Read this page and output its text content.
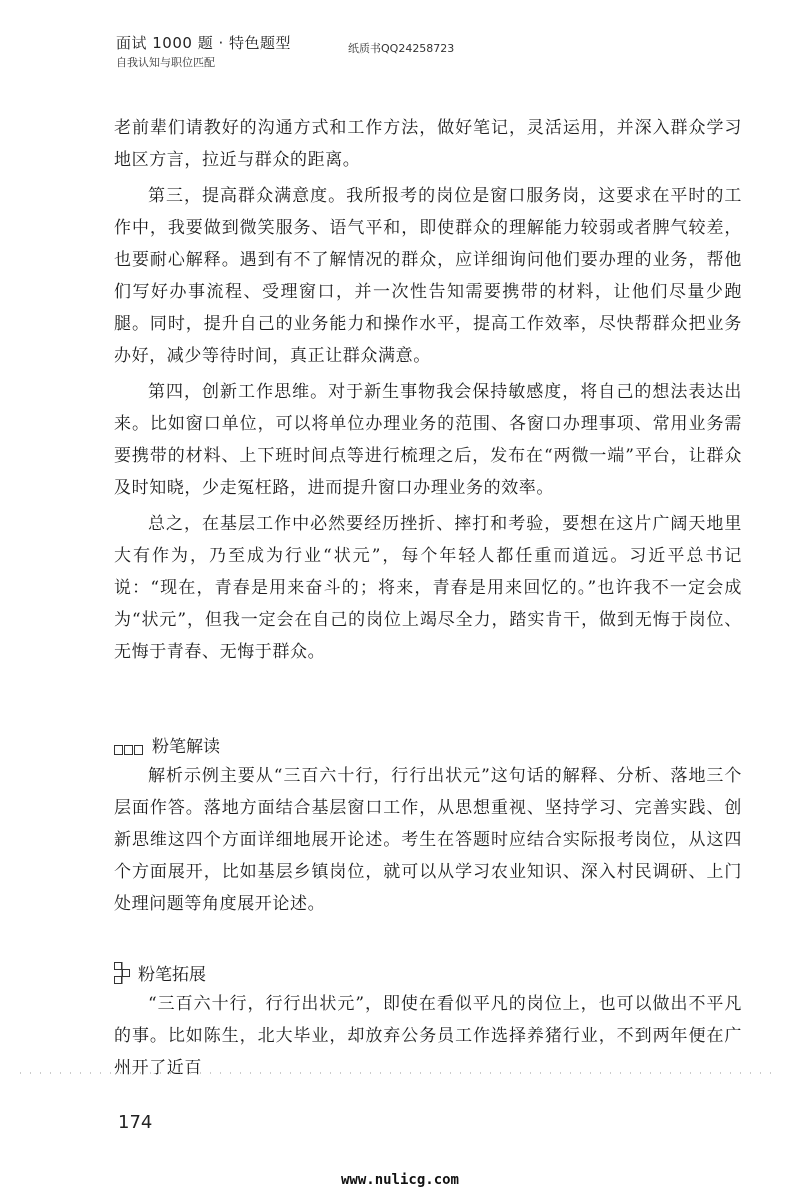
面试 1000 题 · 特色题型
自我认知与职位匹配
纸质书QQ24258723

老前辈们请教好的沟通方式和工作方法，做好笔记，灵活运用，并深入群众学习地区方言，拉近与群众的距离。

第三，提高群众满意度。我所报考的岗位是窗口服务岗，这要求在平时的工作中，我要做到微笑服务、语气平和，即使群众的理解能力较弱或者脾气较差，也要耐心解释。遇到有不了解情况的群众，应详细询问他们要办理的业务，帮他们写好办事流程、受理窗口，并一次性告知需要携带的材料，让他们尽量少跑腿。同时，提升自己的业务能力和操作水平，提高工作效率，尽快帮群众把业务办好，减少等待时间，真正让群众满意。

第四，创新工作思维。对于新生事物我会保持敏感度，将自己的想法表达出来。比如窗口单位，可以将单位办理业务的范围、各窗口办理事项、常用业务需要携带的材料、上下班时间点等进行梳理之后，发布在“两微一端”平台，让群众及时知晓，少走冤枉路，进而提升窗口办理业务的效率。

总之，在基层工作中必然要经历挫折、摔打和考验，要想在这片广阔天地里大有作为，乃至成为行业“状元”，每个年轻人都任重而道远。习近平总书记说：“现在，青春是用来奋斗的；将来，青春是用来回忆的。”也许我不一定会成为“状元”，但我一定会在自己的岗位上竭尽全力，踏实肯干，做到无悔于岗位、无悔于青春、无悔于群众。

粉笔解读

解析示例主要从“三百六十行，行行出状元”这句话的解释、分析、落地三个层面作答。落地方面结合基层窗口工作，从思想重视、坚持学习、完善实践、创新思维这四个方面详细地展开论述。考生在答题时应结合实际报考岗位，从这四个方面展开，比如基层乡镇岗位，就可以从学习农业知识、深入村民调研、上门处理问题等角度展开论述。

粉笔拓展

“三百六十行，行行出状元”，即使在看似平凡的岗位上，也可以做出不平凡的事。比如陈生，北大毕业，却放弃公务员工作选择养猪行业，不到两年便在广州开了近百

174
www.nulicg.com
